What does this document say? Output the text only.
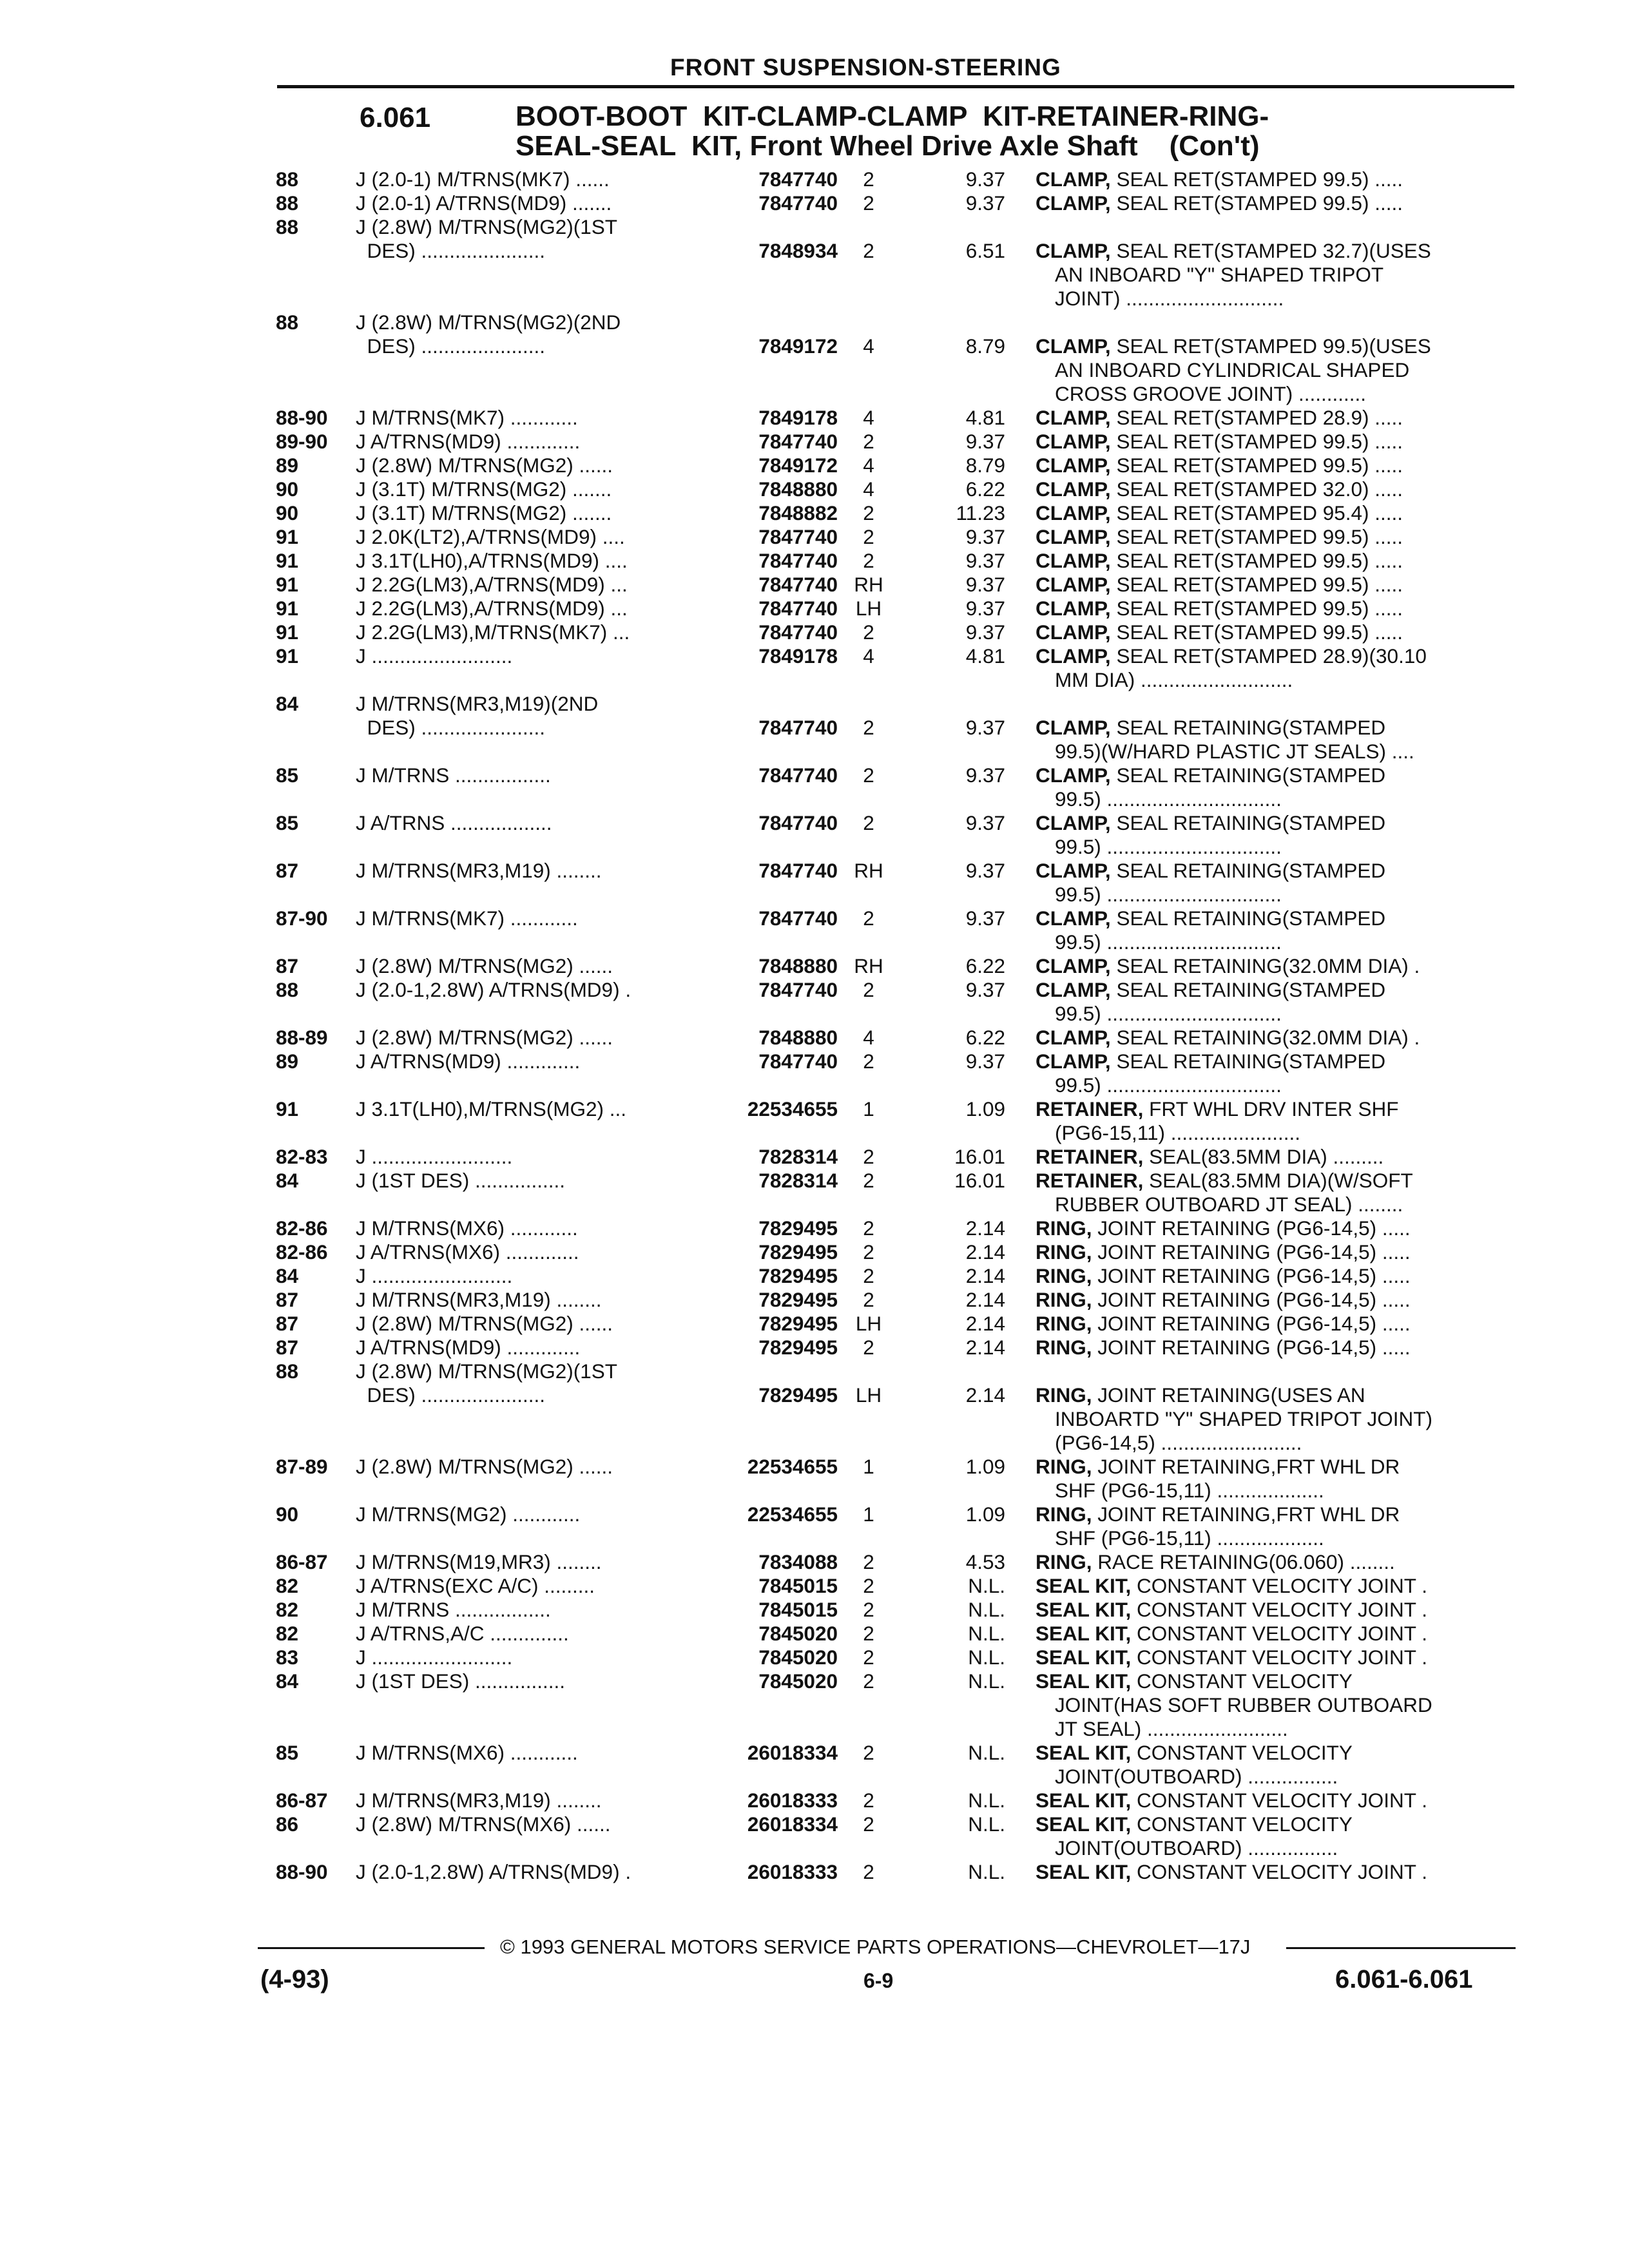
FRONT SUSPENSION-STEERING
6.061	BOOT-BOOT  KIT-CLAMP-CLAMP  KIT-RETAINER-RING-
SEAL-SEAL  KIT, Front Wheel Drive Axle Shaft    (Con't)
88	J (2.0-1) M/TRNS(MK7) ......	7847740	2	9.37 CLAMP, SEAL RET(STAMPED 99.5) .....
88	J (2.0-1) A/TRNS(MD9) .......	7847740	2	9.37 CLAMP, SEAL RET(STAMPED 99.5) .....
88	J (2.8W) M/TRNS(MG2)(1ST
DES) ......................	7848934	2	6.51 CLAMP, SEAL RET(STAMPED 32.7)(USES
AN INBOARD "Y" SHAPED TRIPOT
JOINT) ............................
88	J (2.8W) M/TRNS(MG2)(2ND
DES) ......................	7849172	4	8.79 CLAMP, SEAL RET(STAMPED 99.5)(USES
AN INBOARD CYLINDRICAL SHAPED
CROSS GROOVE JOINT) ............
88-90 J M/TRNS(MK7) ............	7849178	4	4.81 CLAMP, SEAL RET(STAMPED 28.9) .....
89-90 J A/TRNS(MD9) .............	7847740	2	9.37 CLAMP, SEAL RET(STAMPED 99.5) .....
89	J (2.8W) M/TRNS(MG2) ......	7849172	4	8.79 CLAMP, SEAL RET(STAMPED 99.5) .....
90	J (3.1T) M/TRNS(MG2) .......	7848880	4	6.22 CLAMP, SEAL RET(STAMPED 32.0) .....
90	J (3.1T) M/TRNS(MG2) .......	7848882	2	11.23 CLAMP, SEAL RET(STAMPED 95.4) .....
91	J 2.0K(LT2),A/TRNS(MD9) ....	7847740	2	9.37 CLAMP, SEAL RET(STAMPED 99.5) .....
91	J 3.1T(LH0),A/TRNS(MD9) ....	7847740	2	9.37 CLAMP, SEAL RET(STAMPED 99.5) .....
91	J 2.2G(LM3),A/TRNS(MD9) ...	7847740 RH	9.37 CLAMP, SEAL RET(STAMPED 99.5) .....
91	J 2.2G(LM3),A/TRNS(MD9) ...	7847740 LH	9.37 CLAMP, SEAL RET(STAMPED 99.5) .....
91	J 2.2G(LM3),M/TRNS(MK7) ...	7847740	2	9.37 CLAMP, SEAL RET(STAMPED 99.5) .....
91	J .........................	7849178	4	4.81 CLAMP, SEAL RET(STAMPED 28.9)(30.10
MM DIA) ...........................
84	J M/TRNS(MR3,M19)(2ND
DES) ......................	7847740	2	9.37 CLAMP, SEAL RETAINING(STAMPED
99.5)(W/HARD PLASTIC JT SEALS) ....
85	J M/TRNS .................	7847740	2	9.37 CLAMP, SEAL RETAINING(STAMPED
99.5) ...............................
85	J A/TRNS ..................	7847740	2	9.37 CLAMP, SEAL RETAINING(STAMPED
99.5) ...............................
87	J M/TRNS(MR3,M19) ........	7847740 RH	9.37 CLAMP, SEAL RETAINING(STAMPED
99.5) ...............................
87-90 J M/TRNS(MK7) ............	7847740	2	9.37 CLAMP, SEAL RETAINING(STAMPED
99.5) ...............................
87	J (2.8W) M/TRNS(MG2) ......	7848880 RH	6.22 CLAMP, SEAL RETAINING(32.0MM DIA) .
88	J (2.0-1,2.8W) A/TRNS(MD9) .	7847740	2	9.37 CLAMP, SEAL RETAINING(STAMPED
99.5) ...............................
88-89 J (2.8W) M/TRNS(MG2) ......	7848880	4	6.22 CLAMP, SEAL RETAINING(32.0MM DIA) .
89	J A/TRNS(MD9) .............	7847740	2	9.37 CLAMP, SEAL RETAINING(STAMPED
99.5) ...............................
91	J 3.1T(LH0),M/TRNS(MG2) ...	22534655	1	1.09 RETAINER, FRT WHL DRV INTER SHF
(PG6-15,11) .......................
82-83 J .........................	7828314	2	16.01 RETAINER, SEAL(83.5MM DIA) .........
84	J (1ST DES) ................	7828314	2	16.01 RETAINER, SEAL(83.5MM DIA)(W/SOFT
RUBBER OUTBOARD JT SEAL) ........
82-86 J M/TRNS(MX6) ............	7829495	2	2.14 RING, JOINT RETAINING (PG6-14,5) .....
82-86 J A/TRNS(MX6) .............	7829495	2	2.14 RING, JOINT RETAINING (PG6-14,5) .....
84	J .........................	7829495	2	2.14 RING, JOINT RETAINING (PG6-14,5) .....
87	J M/TRNS(MR3,M19) ........	7829495	2	2.14 RING, JOINT RETAINING (PG6-14,5) .....
87	J (2.8W) M/TRNS(MG2) ......	7829495 LH	2.14 RING, JOINT RETAINING (PG6-14,5) .....
87	J A/TRNS(MD9) .............	7829495	2	2.14 RING, JOINT RETAINING (PG6-14,5) .....
88	J (2.8W) M/TRNS(MG2)(1ST
DES) ......................	7829495 LH	2.14 RING, JOINT RETAINING(USES AN
INBOARTD "Y" SHAPED TRIPOT JOINT)
(PG6-14,5) .........................
87-89 J (2.8W) M/TRNS(MG2) ......	22534655	1	1.09 RING, JOINT RETAINING,FRT WHL DR
SHF (PG6-15,11) ...................
90	J M/TRNS(MG2) ............	22534655	1	1.09 RING, JOINT RETAINING,FRT WHL DR
SHF (PG6-15,11) ...................
86-87 J M/TRNS(M19,MR3) ........	7834088	2	4.53 RING, RACE RETAINING(06.060) ........
82	J A/TRNS(EXC A/C) .........	7845015	2	N.L. SEAL KIT, CONSTANT VELOCITY JOINT .
82	J M/TRNS .................	7845015	2	N.L. SEAL KIT, CONSTANT VELOCITY JOINT .
82	J A/TRNS,A/C ..............	7845020	2	N.L. SEAL KIT, CONSTANT VELOCITY JOINT .
83	J .........................	7845020	2	N.L. SEAL KIT, CONSTANT VELOCITY JOINT .
84	J (1ST DES) ................	7845020	2	N.L. SEAL KIT, CONSTANT VELOCITY
JOINT(HAS SOFT RUBBER OUTBOARD
JT SEAL) .........................
85	J M/TRNS(MX6) ............	26018334	2	N.L. SEAL KIT, CONSTANT VELOCITY
JOINT(OUTBOARD) ................
86-87 J M/TRNS(MR3,M19) ........	26018333	2	N.L. SEAL KIT, CONSTANT VELOCITY JOINT .
86	J (2.8W) M/TRNS(MX6) ......	26018334	2	N.L. SEAL KIT, CONSTANT VELOCITY
JOINT(OUTBOARD) ................
88-90 J (2.0-1,2.8W) A/TRNS(MD9) .	26018333	2	N.L. SEAL KIT, CONSTANT VELOCITY JOINT .
© 1993 GENERAL MOTORS SERVICE PARTS OPERATIONS—CHEVROLET—17J
(4-93)	6-9	6.061-6.061
